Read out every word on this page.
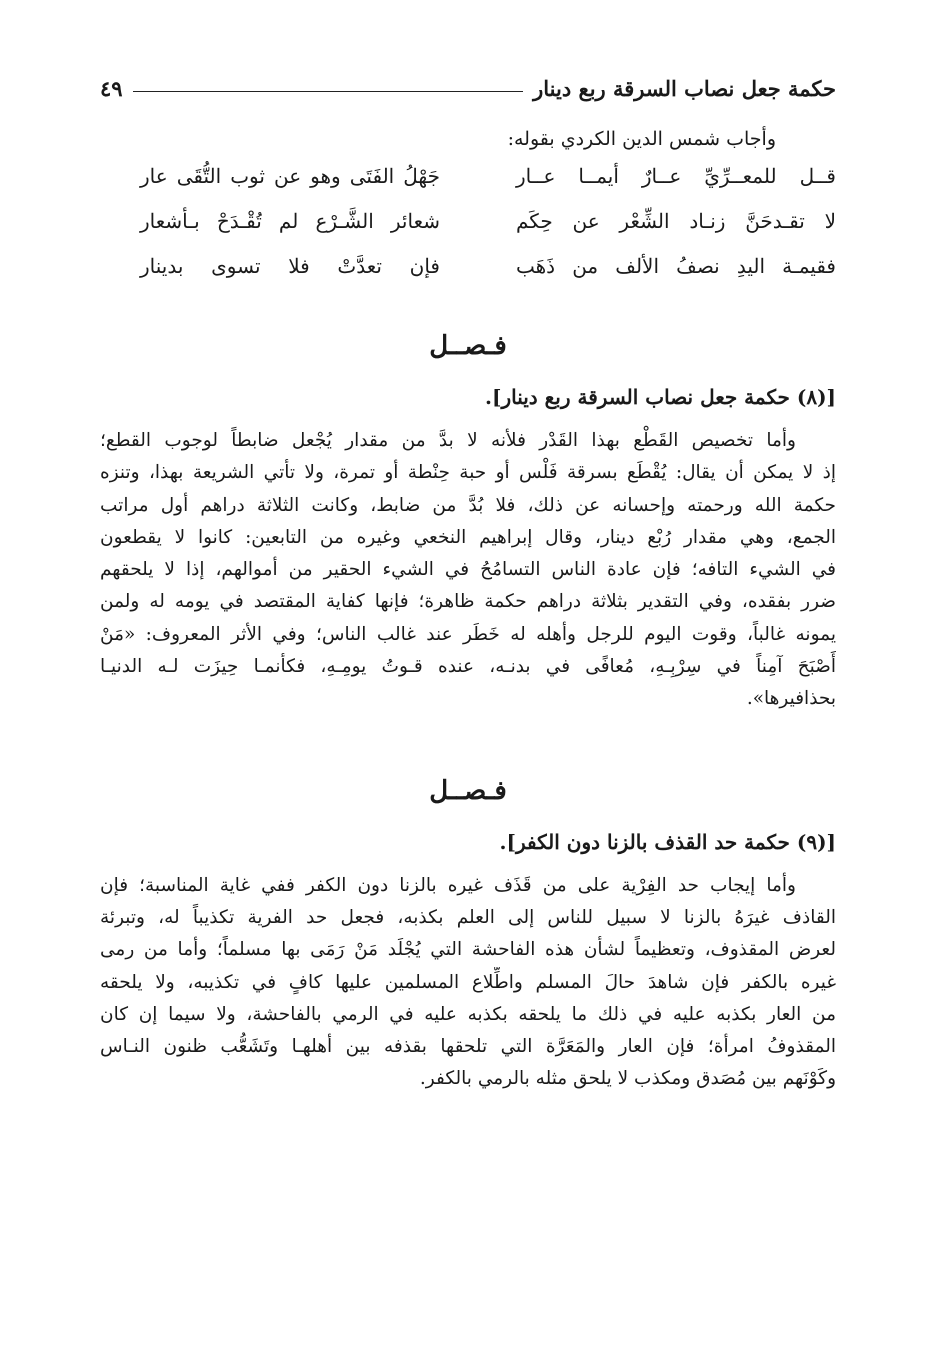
حكمة جعل نصاب السرقة ربع دينار
٤٩
وأجاب شمس الدين الكردي بقوله:
قــل للمعــرِّيِّ عــارٌ أيمــا عــار
جَهْلُ الفَتَى وهو عن ثوب التُّقَى عار
لا تقـدحَنَّ زنـاد الشِّعْر عن حِكَم
شعائر الشَّـرْع لم تُقْـدَحْ بـأشعار
فقيمـة اليدِ نصفُ الألف من ذَهَب
فإن تعدَّتْ فلا تسوى بدينار
فـصــل
[(٨) حكمة جعل نصاب السرقة ربع دينار].
وأما تخصيص القَطْع بهذا القَدْر فلأنه لا بدَّ من مقدار يُجْعل ضابطاً لوجوب القطع؛
إذ لا يمكن أن يقال: يُقْطَع بسرقة فَلْس أو حبة حِنْطة أو تمرة، ولا تأتي الشريعة بهذا، وتنزه
حكمة الله ورحمته وإحسانه عن ذلك، فلا بُدَّ من ضابط، وكانت الثلاثة دراهم أول مراتب
الجمع، وهي مقدار رُبْع دينار، وقال إبراهيم النخعي وغيره من التابعين: كانوا لا يقطعون
في الشيء التافه؛ فإن عادة الناس التسامُحُ في الشيء الحقير من أموالهم، إذا لا يلحقهم
ضرر بفقده، وفي التقدير بثلاثة دراهم حكمة ظاهرة؛ فإنها كفاية المقتصد في يومه له ولمن
يمونه غالباً، وقوت اليوم للرجل وأهله له خَطَر عند غالب الناس؛ وفي الأثر المعروف: «مَنْ
أَصْبَحَ آمِناً في سِرْبِـهِ، مُعافًى في بدنـه، عنده قـوتُ يومِـهِ، فكأنمـا حِيزَت لـه الدنيـا
بحذافيرها».
فـصــل
[(٩) حكمة حد القذف بالزنا دون الكفر].
وأما إيجاب حد الفِرْية على من قَذَف غيره بالزنا دون الكفر ففي غاية المناسبة؛ فإن
القاذف غيرَهُ بالزنا لا سبيل للناس إلى العلم بكذبه، فجعل حد الفرية تكذيباً له، وتبرئة
لعرض المقذوف، وتعظيماً لشأن هذه الفاحشة التي يُجْلَد مَنْ رَمَى بها مسلماً؛ وأما من رمى
غيره بالكفر فإن شاهدَ حالَ المسلم واطِّلاع المسلمين عليها كافٍ في تكذيبه، ولا يلحقه
من العار بكذبه عليه في ذلك ما يلحقه بكذبه عليه في الرمي بالفاحشة، ولا سيما إن كان
المقذوفُ امرأة؛ فإن العار والمَعَرَّة التي تلحقها بقذفه بين أهلهـا وتَشَعُّب ظنون النـاس
وكَوْنَهم بين مُصَدق ومكذب لا يلحق مثله بالرمي بالكفر.
